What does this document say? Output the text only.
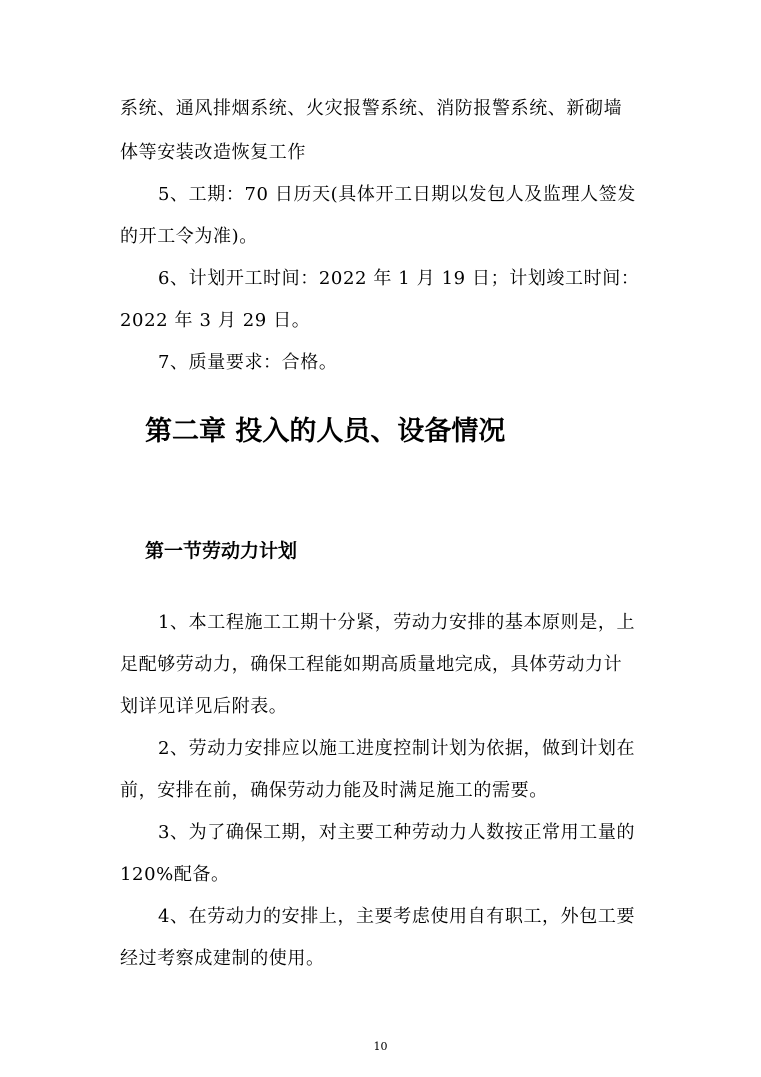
系统、通风排烟系统、火灾报警系统、消防报警系统、新砌墙
体等安装改造恢复工作
5、工期：70 日历天(具体开工日期以发包人及监理人签发
的开工令为准)。
6、计划开工时间：2022 年 1 月 19 日；计划竣工时间：
2022 年 3 月 29 日。
7、质量要求：合格。
第二章 投入的人员、设备情况
第一节劳动力计划
1、本工程施工工期十分紧，劳动力安排的基本原则是，上
足配够劳动力，确保工程能如期高质量地完成，具体劳动力计
划详见详见后附表。
2、劳动力安排应以施工进度控制计划为依据，做到计划在
前，安排在前，确保劳动力能及时满足施工的需要。
3、为了确保工期，对主要工种劳动力人数按正常用工量的
120%配备。
4、在劳动力的安排上，主要考虑使用自有职工，外包工要
经过考察成建制的使用。
10
